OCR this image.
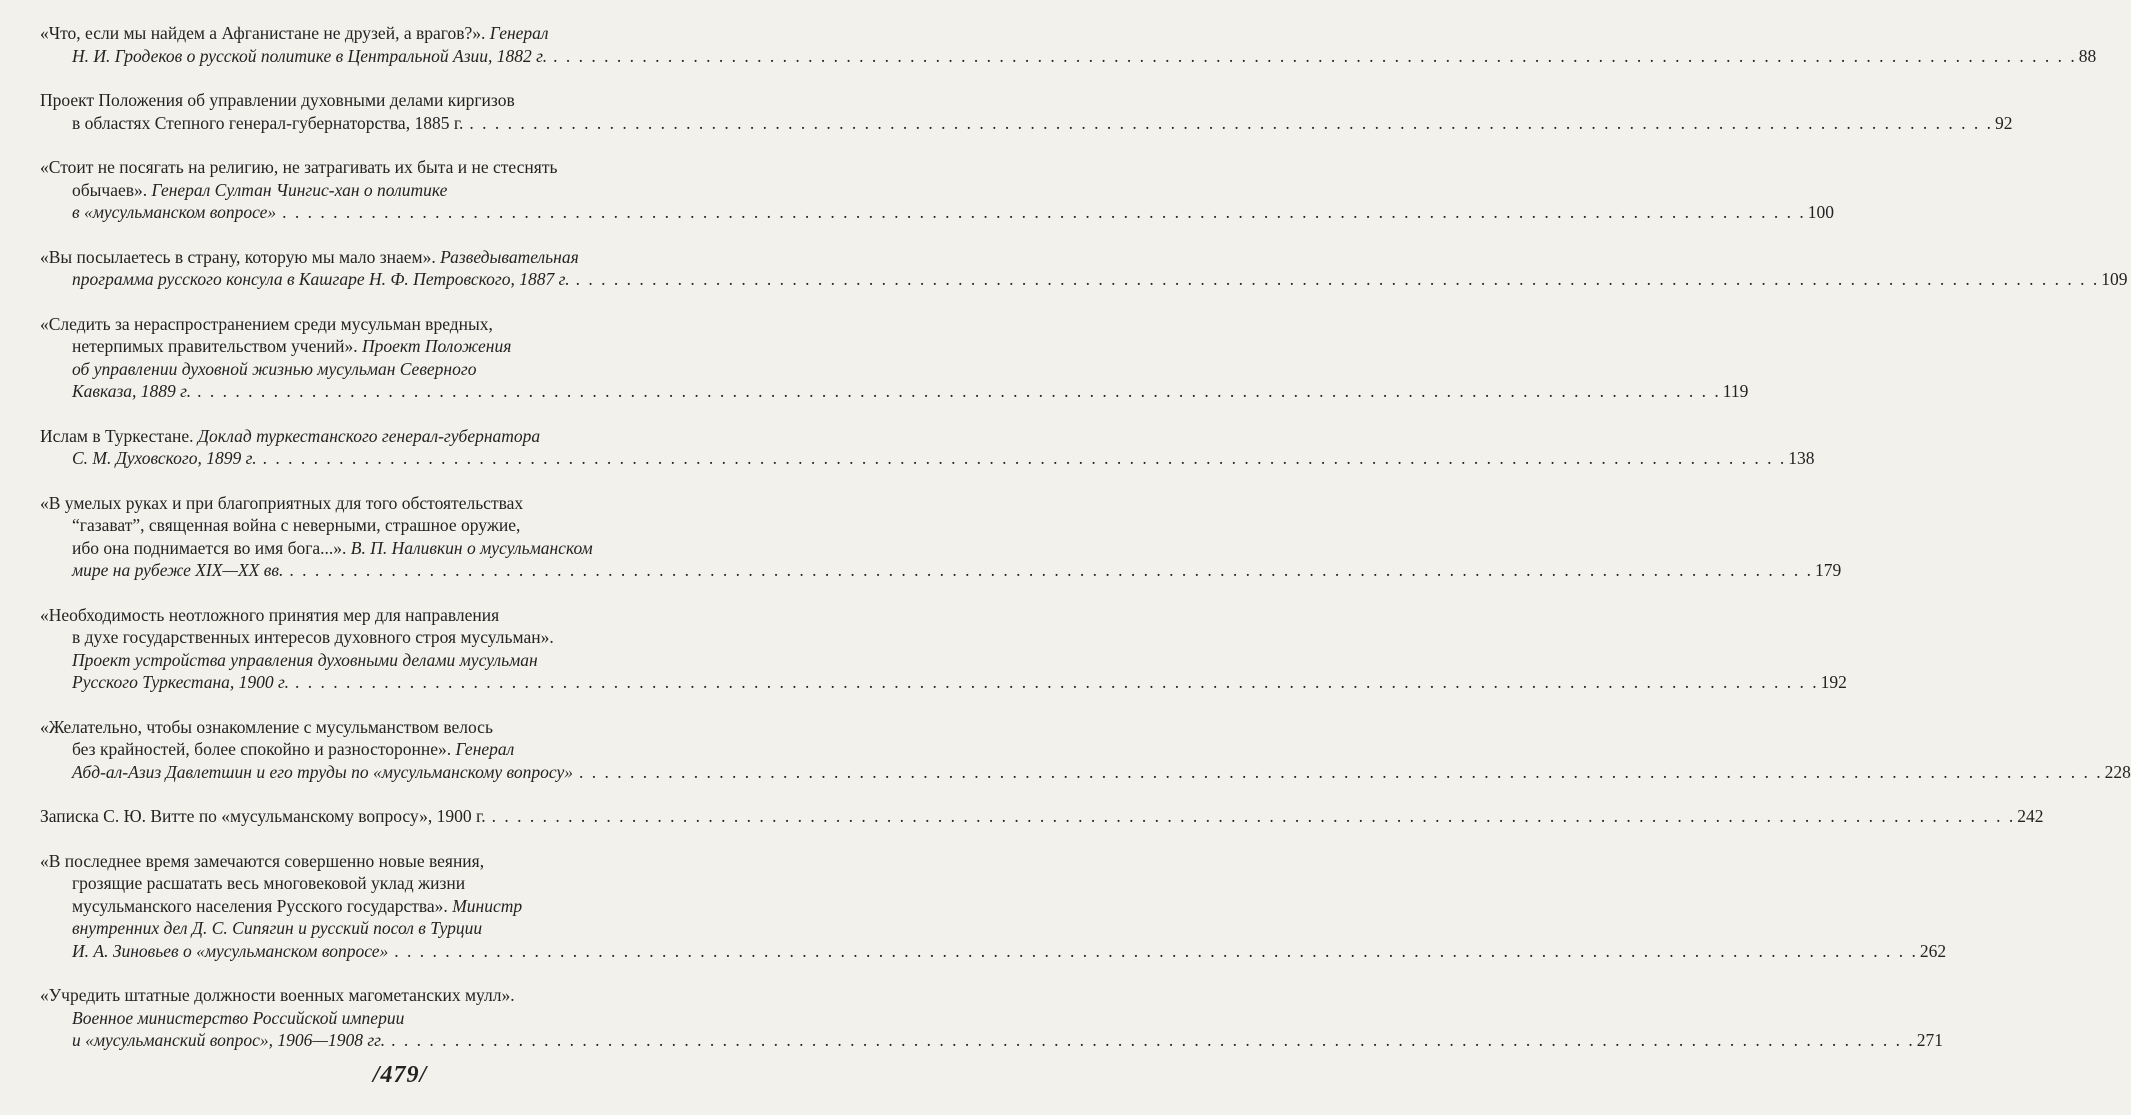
«Что, если мы найдем а Афганистане не друзей, а врагов?». Генерал
Н. И. Гродеков о русской политике в Центральной Азии, 1882 г. . . . . . . . . . . . . . . . . . . . . . . . . . . . . . . . . . . . . . . . . . . . . . . . . . . . . . . . . . . . . . . . . . . . . . . . . . . . . . . . . . . . . . . . . . . . . . . . . . . . . . . . . . . . . . . . . . . . . . . . . 88
Проект Положения об управлении духовными делами киргизов
в областях Степного генерал-губернаторства, 1885 г. . . . . . . . . . . . . . . . . . . . . . . . . . . . . . . . . . . . . . . . . . . . . . . . . . . . . . . . . . . . . . . . . . . . . . . . . . . . . . . . . . . . . . . . . . . . . . . . . . . . . . . . . . . . . . . . . . . . . . . . . 92
«Стоит не посягать на религию, не затрагивать их быта и не стеснять
обычаев». Генерал Султан Чингис-хан о политике
в «мусульманском вопросе» . . . . . . . . . . . . . . . . . . . . . . . . . . . . . . . . . . . . . . . . . . . . . . . . . . . . . . . . . . . . . . . . . . . . . . . . . . . . . . . . . . . . . . . . . . . . . . . . . . . . . . . . . . . . . . . . . . . . . . . . 100
«Вы посылаетесь в страну, которую мы мало знаем». Разведывательная
программа русского консула в Кашгаре Н. Ф. Петровского, 1887 г. . . . . . . . . . . . . . . . . . . . . . . . . . . . . . . . . . . . . . . . . . . . . . . . . . . . . . . . . . . . . . . . . . . . . . . . . . . . . . . . . . . . . . . . . . . . . . . . . . . . . . . . . . . . . . . . . . . . . . . . . 109
«Следить за нераспространением среди мусульман вредных,
нетерпимых правительством учений». Проект Положения
об управлении духовной жизнью мусульман Северного
Кавказа, 1889 г. . . . . . . . . . . . . . . . . . . . . . . . . . . . . . . . . . . . . . . . . . . . . . . . . . . . . . . . . . . . . . . . . . . . . . . . . . . . . . . . . . . . . . . . . . . . . . . . . . . . . . . . . . . . . . . . . . . . . . . . . 119
Ислам в Туркестане. Доклад туркестанского генерал-губернатора
С. М. Духовского, 1899 г. . . . . . . . . . . . . . . . . . . . . . . . . . . . . . . . . . . . . . . . . . . . . . . . . . . . . . . . . . . . . . . . . . . . . . . . . . . . . . . . . . . . . . . . . . . . . . . . . . . . . . . . . . . . . . . . . . . . . . . . . 138
«В умелых руках и при благоприятных для того обстоятельствах
“газават”, священная война с неверными, страшное оружие,
ибо она поднимается во имя бога...». В. П. Наливкин о мусульманском
мире на рубеже XIX—XX вв. . . . . . . . . . . . . . . . . . . . . . . . . . . . . . . . . . . . . . . . . . . . . . . . . . . . . . . . . . . . . . . . . . . . . . . . . . . . . . . . . . . . . . . . . . . . . . . . . . . . . . . . . . . . . . . . . . . . . . . . . 179
«Необходимость неотложного принятия мер для направления
в духе государственных интересов духовного строя мусульман».
Проект устройства управления духовными делами мусульман
Русского Туркестана, 1900 г. . . . . . . . . . . . . . . . . . . . . . . . . . . . . . . . . . . . . . . . . . . . . . . . . . . . . . . . . . . . . . . . . . . . . . . . . . . . . . . . . . . . . . . . . . . . . . . . . . . . . . . . . . . . . . . . . . . . . . . . . 192
«Желательно, чтобы ознакомление с мусульманством велось
без крайностей, более спокойно и разносторонне». Генерал
Абд-ал-Азиз Давлетшин и его труды по «мусульманскому вопросу» . . . . . . . . . . . . . . . . . . . . . . . . . . . . . . . . . . . . . . . . . . . . . . . . . . . . . . . . . . . . . . . . . . . . . . . . . . . . . . . . . . . . . . . . . . . . . . . . . . . . . . . . . . . . . . . . . . . . . . . . 228
Записка С. Ю. Витте по «мусульманскому вопросу», 1900 г. . . . . . . . . . . . . . . . . . . . . . . . . . . . . . . . . . . . . . . . . . . . . . . . . . . . . . . . . . . . . . . . . . . . . . . . . . . . . . . . . . . . . . . . . . . . . . . . . . . . . . . . . . . . . . . . . . . . . . . . . 242
«В последнее время замечаются совершенно новые веяния,
грозящие расшатать весь многовековой уклад жизни
мусульманского населения Русского государства». Министр
внутренних дел Д. С. Сипягин и русский посол в Турции
И. А. Зиновьев о «мусульманском вопросе» . . . . . . . . . . . . . . . . . . . . . . . . . . . . . . . . . . . . . . . . . . . . . . . . . . . . . . . . . . . . . . . . . . . . . . . . . . . . . . . . . . . . . . . . . . . . . . . . . . . . . . . . . . . . . . . . . . . . . . . . 262
«Учредить штатные должности военных магометанских мулл».
Военное министерство Российской империи
и «мусульманский вопрос», 1906—1908 гг. . . . . . . . . . . . . . . . . . . . . . . . . . . . . . . . . . . . . . . . . . . . . . . . . . . . . . . . . . . . . . . . . . . . . . . . . . . . . . . . . . . . . . . . . . . . . . . . . . . . . . . . . . . . . . . . . . . . . . . . . 271
/479/
